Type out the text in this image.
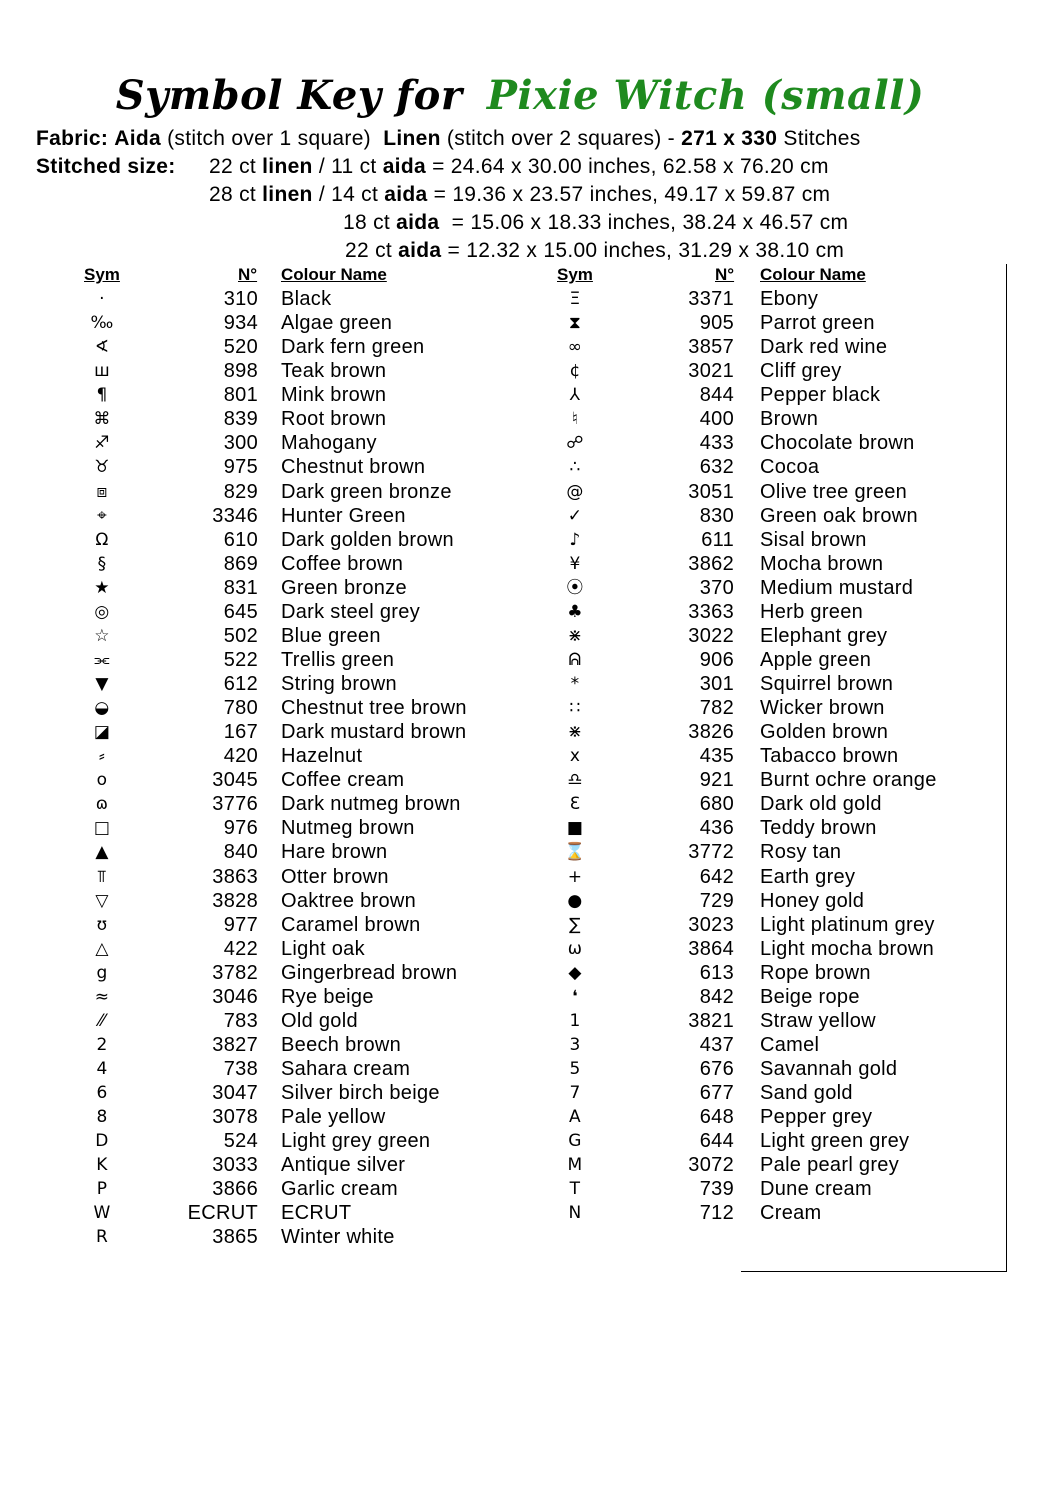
Symbol Key for Pixie Witch (small)
Fabric: Aida (stitch over 1 square) Linen (stitch over 2 squares) - 271 x 330 Stitches
Stitched size: 22 ct linen / 11 ct aida = 24.64 x 30.00 inches, 62.58 x 76.20 cm
28 ct linen / 14 ct aida = 19.36 x 23.57 inches, 49.17 x 59.87 cm
18 ct aida  = 15.06 x 18.33 inches, 38.24 x 46.57 cm
22 ct aida = 12.32 x 15.00 inches, 31.29 x 38.10 cm
Sym	N° Colour Name	Sym	N° Colour Name
·	310 Black
‰	934 Algae green
∢	520 Dark fern green
ш	898 Teak brown
¶	801 Mink brown
⌘	839 Root brown
♐	300 Mahogany
♉	975 Chestnut brown
⧈	829 Dark green bronze
⌖	3346 Hunter Green
Ω	610 Dark golden brown
§	869 Coffee brown
★	831 Green bronze
◎	645 Dark steel grey
☆	502 Blue green
⫘	522 Trellis green
▼	612 String brown
◒	780 Chestnut tree brown
◪	167 Dark mustard brown
⸗	420 Hazelnut
o	3045 Coffee cream
ɷ	3776 Dark nutmeg brown
□	976 Nutmeg brown
▲	840 Hare brown
⫪	3863 Otter brown
▽	3828 Oaktree brown
ʊ	977 Caramel brown
△	422 Light oak
g	3782 Gingerbread brown
≈	3046 Rye beige
⁄⁄	783 Old gold
2	3827 Beech brown
4	738 Sahara cream
6	3047 Silver birch beige
8	3078 Pale yellow
D	524 Light grey green
K	3033 Antique silver
P	3866 Garlic cream
W	ECRUT ECRUT
R	3865 Winter white
Ξ	3371 Ebony
⧗	905 Parrot green
∞	3857 Dark red wine
¢	3021 Cliff grey
⅄	844 Pepper black
♮	400 Brown
☍	433 Chocolate brown
∴	632 Cocoa
@	3051 Olive tree green
✓	830 Green oak brown
♪	611 Sisal brown
¥	3862 Mocha brown
⦿	370 Medium mustard
♣	3363 Herb green
⋇	3022 Elephant grey
ᕱ	906 Apple green
*	301 Squirrel brown
∷	782 Wicker brown
⋇	3826 Golden brown
x	435 Tabacco brown
♎	921 Burnt ochre orange
Ɛ	680 Dark old gold
■	436 Teddy brown
⌛	3772 Rosy tan
+	642 Earth grey
●	729 Honey gold
∑	3023 Light platinum grey
ω	3864 Light mocha brown
◆	613 Rope brown
❛	842 Beige rope
1	3821 Straw yellow
3	437 Camel
5	676 Savannah gold
7	677 Sand gold
A	648 Pepper grey
G	644 Light green grey
M	3072 Pale pearl grey
T	739 Dune cream
N	712 Cream
